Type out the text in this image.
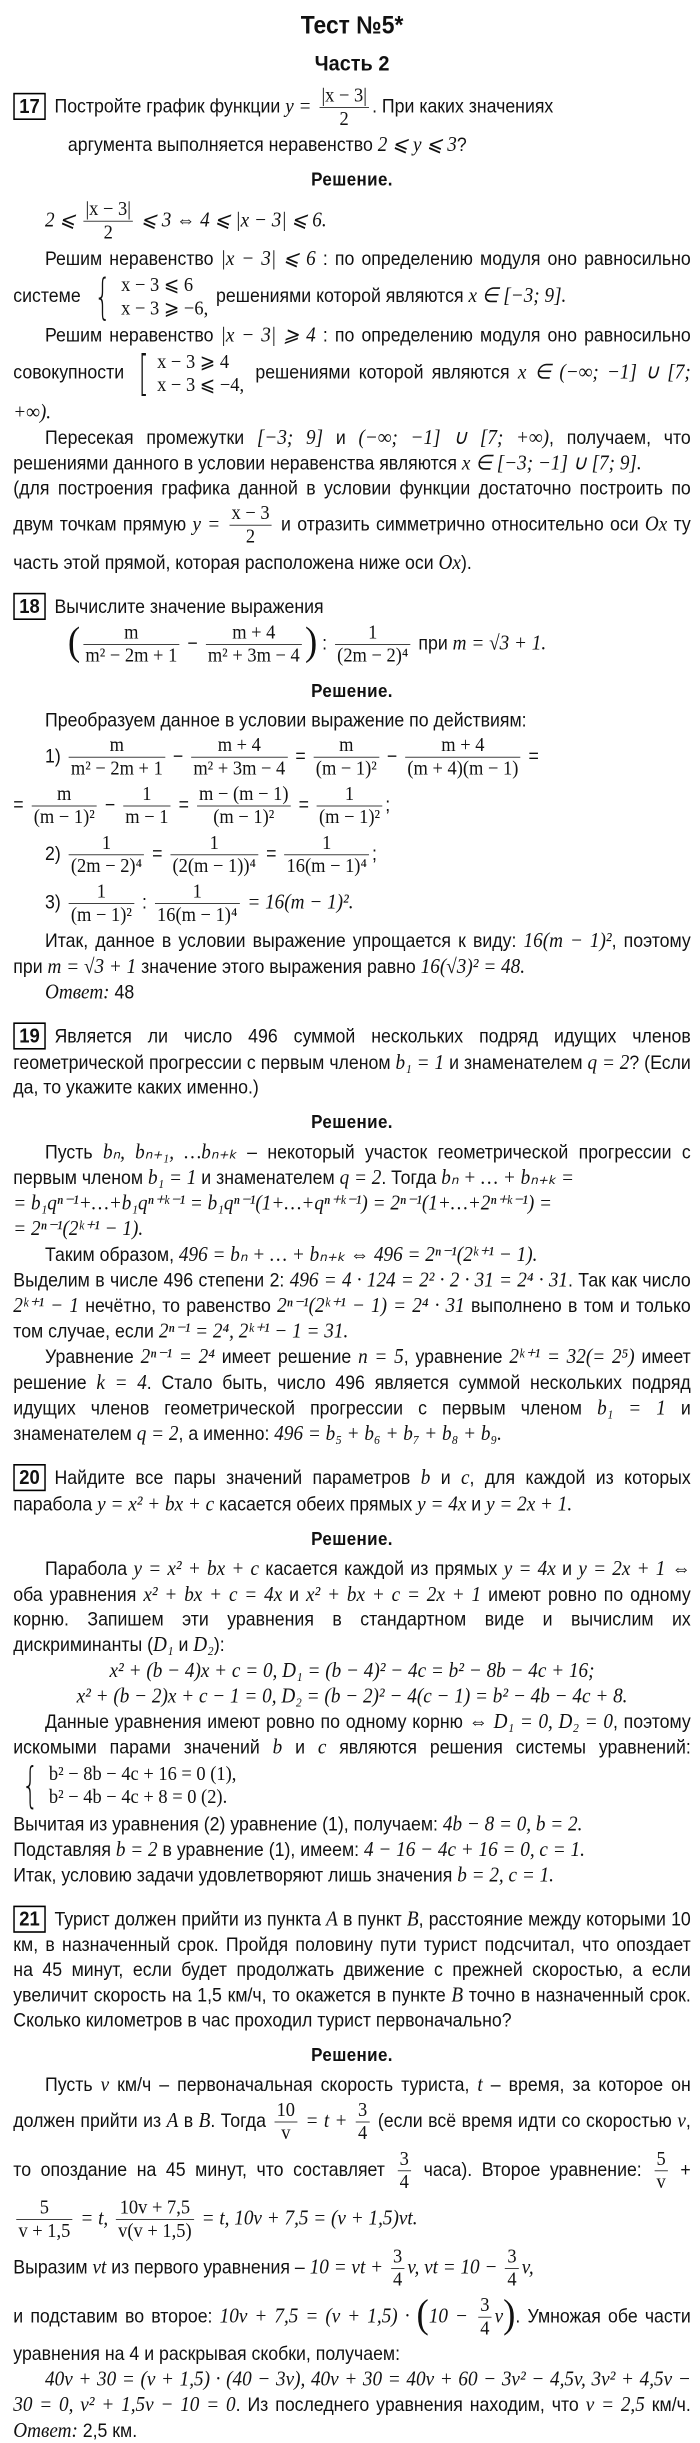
Тест №5*
Часть 2
17 Постройте график функции $y = \frac{|x - 3|}{2}$ . При каких значениях
аргумента выполняется неравенство 2 ⩽ y ⩽ 3?
Решение.
2 ⩽ $\frac{|x - 3|}{2}$ ⩽ 3 ⇔ 4 ⩽ |x − 3| ⩽ 6.
Решим неравенство |x − 3| ⩽ 6 : по определению модуля оно равносильно системе { x − 3 ⩽ 6
x − 3 ⩾ −6,
решениями которой являются x ∈ [−3; 9].
Решим неравенство |x − 3| ⩾ 4 : по определению модуля оно равносильно совокупности [ x − 3 ⩾ 4
x − 3 ⩽ −4,
решениями которой являются x ∈ (−∞; −1] ∪ [7; +∞).
Пересекая промежутки [−3; 9] и (−∞; −1] ∪ [7; +∞), получаем, что решениями данного в условии неравенства являются x ∈ [−3; −1] ∪ [7; 9].
(для построения графика данной в условии функции достаточно построить по двум точкам прямую $y = \frac{x - 3}{2}$ и отразить симметрично относительно оси Ox ту часть этой прямой, которая расположена ниже оси Ox).
18 Вычислите значение выражения
( $\frac{m}{\text{m² − 2m + 1}} - \frac{m + 4}{\text{m² + 3m − 4}}$ ) : $\frac{1}{\text{(2m − 2)⁴}}$ при m = √3 + 1.
Решение.
Преобразуем данное в условии выражение по действиям:
$1) \frac{m}{\text{m² − 2m + 1}} - \frac{m + 4}{\text{m² + 3m − 4}} = \frac{m}{\text{(m − 1)²}} - \frac{m + 4}{(m + 4)(m - 1)}$ =
= $\frac{m}{\text{(m − 1)²}} - \frac{1}{m - 1} = \frac{m - (m - 1)}{\text{(m − 1)²}} = \frac{1}{\text{(m − 1)²}}$ ;
$2) \frac{1}{\text{(2m − 2)⁴}} = \frac{1}{\text{(2(m − 1))⁴}} = \frac{1}{\text{16(m − 1)⁴}}$ ;
$3) \frac{1}{\text{(m − 1)²}}$ : $\frac{1}{\text{16(m − 1)⁴}} = 16(m - 1)^2$.
Итак, данное в условии выражение упрощается к виду: 16(m − 1)², поэтому при m = √3 + 1 значение этого выражения равно 16(√3)² = 48.
Ответ: 48
19 Является ли число 496 суммой нескольких подряд идущих членов геометрической прогрессии с первым членом b₁ = 1 и знаменателем q = 2? (Если да, то укажите каких именно.)
Решение.
Пусть bₙ, bₙ₊₁, …bₙ₊ₖ – некоторый участок геометрической прогрессии с первым членом b₁ = 1 и знаменателем q = 2. Тогда bₙ + … + bₙ₊ₖ =
= b₁qⁿ⁻¹+…+b₁qⁿ⁺ᵏ⁻¹ = b₁qⁿ⁻¹(1+…+qⁿ⁺ᵏ⁻¹) = 2ⁿ⁻¹(1+…+2ⁿ⁺ᵏ⁻¹) =
= 2ⁿ⁻¹(2ᵏ⁺¹ − 1).
Таким образом, 496 = bₙ + … + bₙ₊ₖ ⇔ 496 = 2ⁿ⁻¹(2ᵏ⁺¹ − 1).
Выделим в числе 496 степени 2: 496 = 4 · 124 = 2² · 2 · 31 = 2⁴ · 31. Так как число 2ᵏ⁺¹ − 1 нечётно, то равенство 2ⁿ⁻¹(2ᵏ⁺¹ − 1) = 2⁴ · 31 выполнено в том и только том случае, если 2ⁿ⁻¹ = 2⁴, 2ᵏ⁺¹ − 1 = 31.
Уравнение 2ⁿ⁻¹ = 2⁴ имеет решение n = 5, уравнение 2ᵏ⁺¹ = 32(= 2⁵) имеет решение k = 4. Стало быть, число 496 является суммой нескольких подряд идущих членов геометрической прогрессии с первым членом b₁ = 1 и знаменателем q = 2, а именно: 496 = b₅ + b₆ + b₇ + b₈ + b₉.
20 Найдите все пары значений параметров b и c, для каждой из которых парабола y = x² + bx + c касается обеих прямых y = 4x и y = 2x + 1.
Решение.
Парабола y = x² + bx + c касается каждой из прямых y = 4x и y = 2x + 1 ⇔ оба уравнения x² + bx + c = 4x и x² + bx + c = 2x + 1 имеют ровно по одному корню. Запишем эти уравнения в стандартном виде и вычислим их дискриминанты (D₁ и D₂):
x² + (b − 4)x + c = 0, D₁ = (b − 4)² − 4c = b² − 8b − 4c + 16;
x² + (b − 2)x + c − 1 = 0, D₂ = (b − 2)² − 4(c − 1) = b² − 4b − 4c + 8.
Данные уравнения имеют ровно по одному корню ⇔ D₁ = 0, D₂ = 0, поэтому искомыми парами значений b и c являются решения системы уравнений:
{ b² − 8b − 4c + 16 = 0 (1),
b² − 4b − 4c + 8 = 0 (2).
Вычитая из уравнения (2) уравнение (1), получаем: 4b − 8 = 0, b = 2.
Подставляя b = 2 в уравнение (1), имеем: 4 − 16 − 4c + 16 = 0, c = 1.
Итак, условию задачи удовлетворяют лишь значения b = 2, c = 1.
21 Турист должен прийти из пункта A в пункт B, расстояние между которыми 10 км, в назначенный срок. Пройдя половину пути турист подсчитал, что опоздает на 45 минут, если будет продолжать движение с прежней скоростью, а если увеличит скорость на 1,5 км/ч, то окажется в пункте B точно в назначенный срок. Сколько километров в час проходил турист первоначально?
Решение.
Пусть v км/ч – первоначальная скорость туриста, t – время, за которое он должен прийти из A в B. Тогда $\frac{10}{v} = t + \frac{3}{4}$ (если всё время идти со скоростью v, то опоздание на 45 минут, что составляет $\frac{3}{4}$ часа). Второе уравнение: $\frac{5}{v}$ +
$\frac{5}{v + 1,5} = t$, $\frac{10v + 7,5}{v(v + 1,5)} = t$, 10v + 7,5 = (v + 1,5)vt.
Выразим vt из первого уравнения – 10 = vt + $\frac{3}{4} v$, vt = $10 - \frac{3}{4} v$,
и подставим во второе: $10v + 7,5 = (v + 1,5) \cdot (10 - \frac{3}{4} v)$. Умножая обе части уравнения на 4 и раскрывая скобки, получаем:
40v + 30 = (v + 1,5) · (40 − 3v), 40v + 30 = 40v + 60 − 3v² − 4,5v, 3v² + 4,5v − 30 = 0, v² + 1,5v − 10 = 0. Из последнего уравнения находим, что v = 2,5 км/ч. Ответ: 2,5 км.
